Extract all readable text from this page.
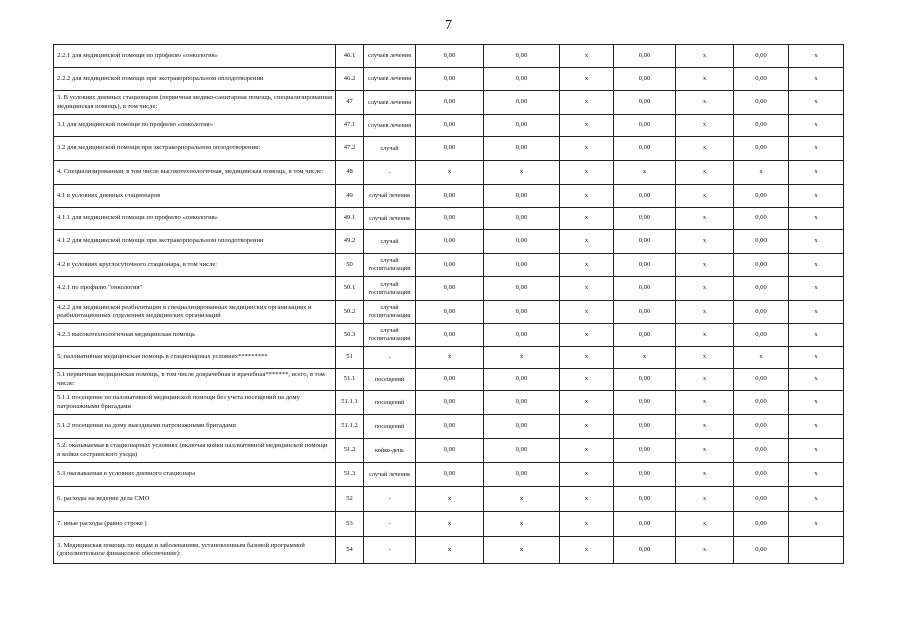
7
2.2.1 для медицинской помощи по профилю «онкология»	46.1	случаев лечения	0,00	0,00	х	0,00	х	0,00	х
2.2.2 для медицинской помощи при экстракорпоральном оплодотворении	46.2	случаев лечения	0,00	0,00	х	0,00	х	0,00	х
3. В условиях дневных стационаров (первичная медико-санитарная помощь, специализированная медицинская помощь), в том числе:	47	случаев лечения	0,00	0,00	х	0,00	х	0,00	х
3.1 для медицинской помощи по профилю «онкология»	47.1	случаев лечения	0,00	0,00	х	0,00	х	0,00	х
3.2 для медицинской помощи при экстракорпоральном оплодотворении:	47.2	случай	0,00	0,00	х	0,00	х	0,00	х
4. Специализированная, в том числе высокотехнологичная, медицинская помощь, в том числе:	48	-	х	х	х	х	х	х	х
4.1 в условиях дневных стационаров	49	случай лечения	0,00	0,00	х	0,00	х	0,00	х
4.1.1 для медицинской помощи по профилю «онкология»	49.1	случай лечения	0,00	0,00	х	0,00	х	0,00	х
4.1.2 для медицинской помощи при экстракорпоральном оплодотворении	49.2	случай	0,00	0,00	х	0,00	х	0,00	х
4.2 в условиях круглосуточного стационара, в том числе:	50	случай госпитализации	0,00	0,00	х	0,00	х	0,00	х
4.2.1 по профилю "онкология"	50.1	случай госпитализации	0,00	0,00	х	0,00	х	0,00	х
4.2.2 для медицинской реабилитации в специализированных медицинских организациях и реабилитационных отделениях медицинских организаций	50.2	случай госпитализации	0,00	0,00	х	0,00	х	0,00	х
4.2.3 высокотехнологичная медицинская помощь	50.3	случай госпитализации	0,00	0,00	х	0,00	х	0,00	х
5. паллиативная медицинская помощь в стационарных условиях*********	51	-	х	х	х	х	х	х	х
5.1 первичная медицинская помощь, в том числе доврачебная и врачебная*******, всего, в том числе:	51.1	посещений	0,00	0,00	х	0,00	х	0,00	х
5.1.1 посещение по паллиативной медицинской помощи без учета посещений на дому патронажными бригадами	51.1.1	посещений	0,00	0,00	х	0,00	х	0,00	х
5.1.2 посещения на дому выездными патронажными бригадами	51.1.2	посещений	0,00	0,00	х	0,00	х	0,00	х
5.2. оказываемая в стационарных условиях (включая койки паллиативной медицинской помощи и койки сестринского ухода)	51.2	койко-день	0,00	0,00	х	0,00	х	0,00	х
5.3 оказываемая в условиях дневного стационара	51.3	случай лечения	0,00	0,00	х	0,00	х	0,00	х
6. расходы на ведение дела СМО	52	-	х	х	х	0,00	х	0,00	х
7. иные расходы (равно строке )	53	-	х	х	х	0,00	х	0,00	х
3. Медицинская помощь по видам и заболеваниям, установленным базовой программой (дополнительное финансовое обеспечение):	54	-	х	х	х	0,00	х	0,00	
